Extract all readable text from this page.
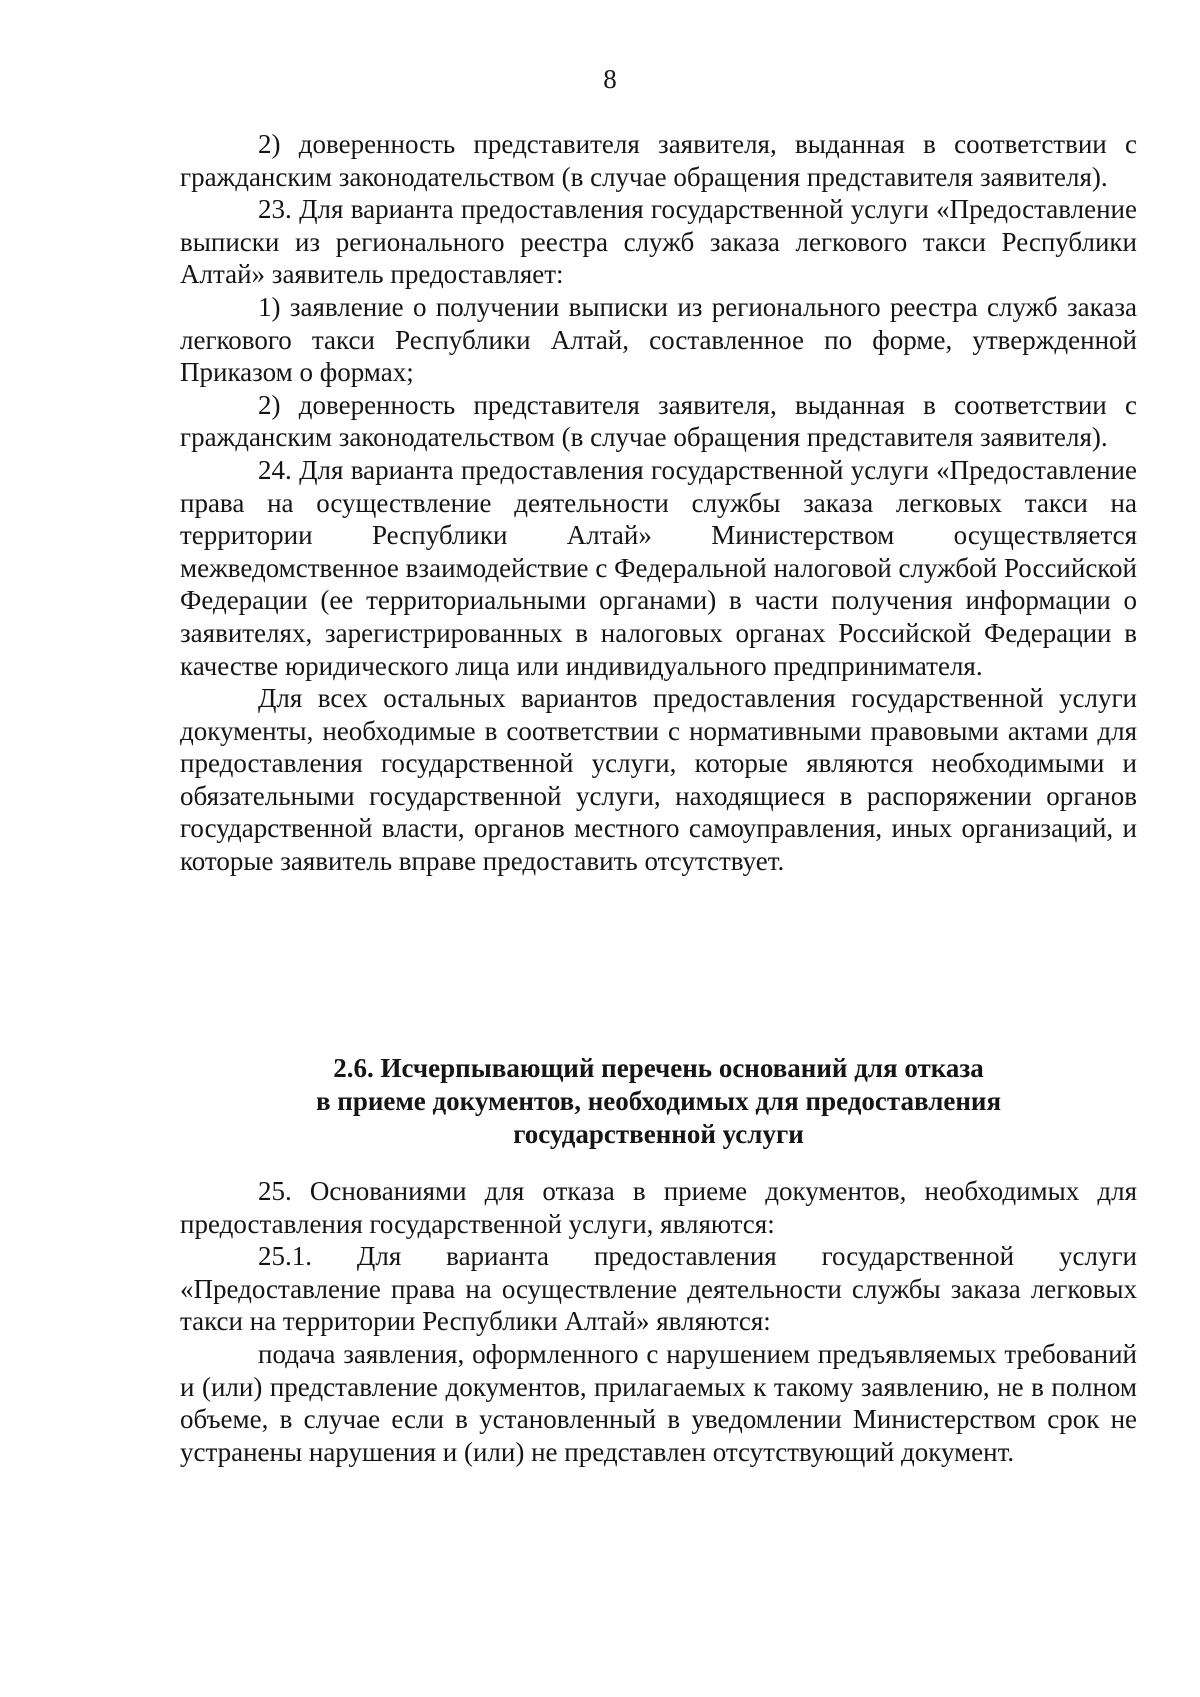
8

2) доверенность представителя заявителя, выданная в соответствии с гражданским законодательством (в случае обращения представителя заявителя).

23. Для варианта предоставления государственной услуги «Предоставление выписки из регионального реестра служб заказа легкового такси Республики Алтай» заявитель предоставляет:

1) заявление о получении выписки из регионального реестра служб заказа легкового такси Республики Алтай, составленное по форме, утвержденной Приказом о формах;

2) доверенность представителя заявителя, выданная в соответствии с гражданским законодательством (в случае обращения представителя заявителя).

24. Для варианта предоставления государственной услуги «Предоставление права на осуществление деятельности службы заказа легковых такси на территории Республики Алтай» Министерством осуществляется межведомственное взаимодействие с Федеральной налоговой службой Российской Федерации (ее территориальными органами) в части получения информации о заявителях, зарегистрированных в налоговых органах Российской Федерации в качестве юридического лица или индивидуального предпринимателя.

Для всех остальных вариантов предоставления государственной услуги документы, необходимые в соответствии с нормативными правовыми актами для предоставления государственной услуги, которые являются необходимыми и обязательными государственной услуги, находящиеся в распоряжении органов государственной власти, органов местного самоуправления, иных организаций, и которые заявитель вправе предоставить отсутствует.

2.6. Исчерпывающий перечень оснований для отказа
в приеме документов, необходимых для предоставления
государственной услуги

25. Основаниями для отказа в приеме документов, необходимых для предоставления государственной услуги, являются:

25.1. Для варианта предоставления государственной услуги «Предоставление права на осуществление деятельности службы заказа легковых такси на территории Республики Алтай» являются:

подача заявления, оформленного с нарушением предъявляемых требований и (или) представление документов, прилагаемых к такому заявлению, не в полном объеме, в случае если в установленный в уведомлении Министерством срок не устранены нарушения и (или) не представлен отсутствующий документ.
